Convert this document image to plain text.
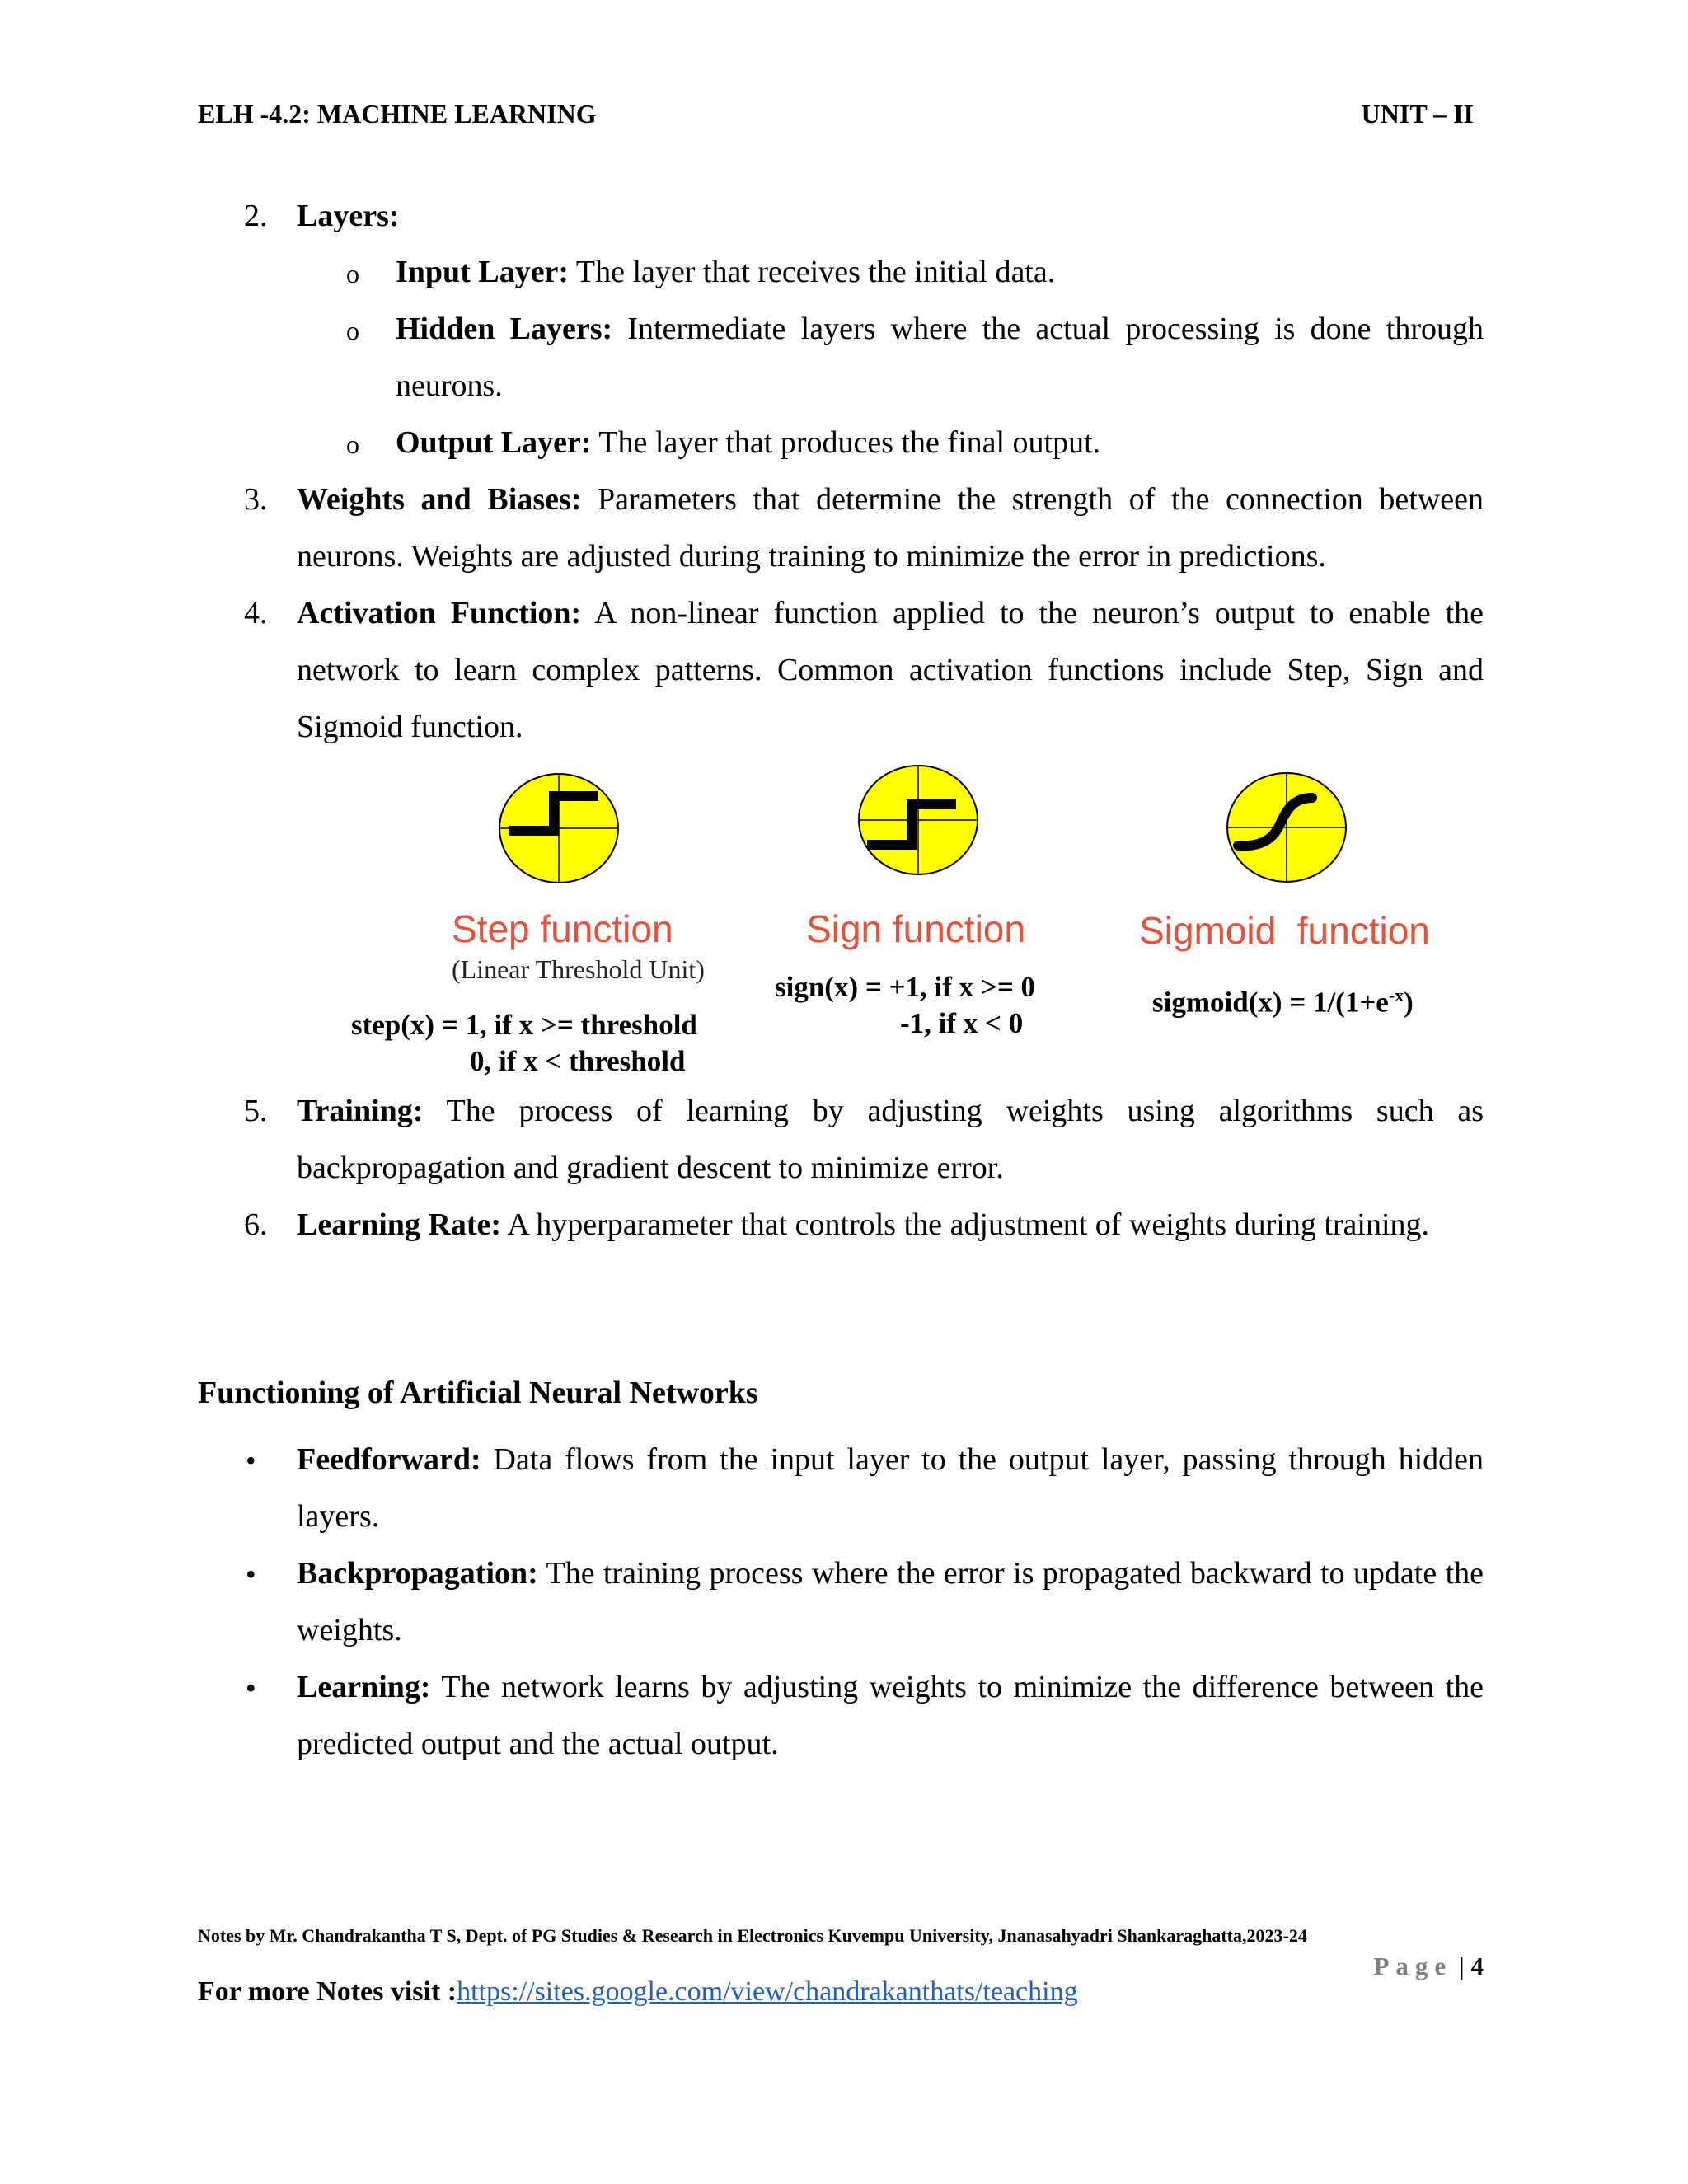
ELH -4.2: MACHINE LEARNING	UNIT – II
2. Layers:
o Input Layer: The layer that receives the initial data.
o Hidden Layers: Intermediate layers where the actual processing is done through neurons.
o Output Layer: The layer that produces the final output.
3. Weights and Biases: Parameters that determine the strength of the connection between neurons. Weights are adjusted during training to minimize the error in predictions.
4. Activation Function: A non-linear function applied to the neuron’s output to enable the network to learn complex patterns. Common activation functions include Step, Sign and Sigmoid function.
Step function
(Linear Threshold Unit)
step(x) = 1, if x >= threshold
0, if x < threshold
Sign function
sign(x) = +1, if x >= 0
-1, if x < 0
Sigmoid  function
sigmoid(x) = $1/(1+e^{-x})$
5. Training: The process of learning by adjusting weights using algorithms such as backpropagation and gradient descent to minimize error.
6. Learning Rate: A hyperparameter that controls the adjustment of weights during training.
Functioning of Artificial Neural Networks
• Feedforward: Data flows from the input layer to the output layer, passing through hidden layers.
• Backpropagation: The training process where the error is propagated backward to update the weights.
• Learning: The network learns by adjusting weights to minimize the difference between the predicted output and the actual output.
Notes by Mr. Chandrakantha T S, Dept. of PG Studies & Research in Electronics Kuvempu University, Jnanasahyadri Shankaraghatta,2023-24
Page | 4
For more Notes visit :https://sites.google.com/view/chandrakanthats/teaching
